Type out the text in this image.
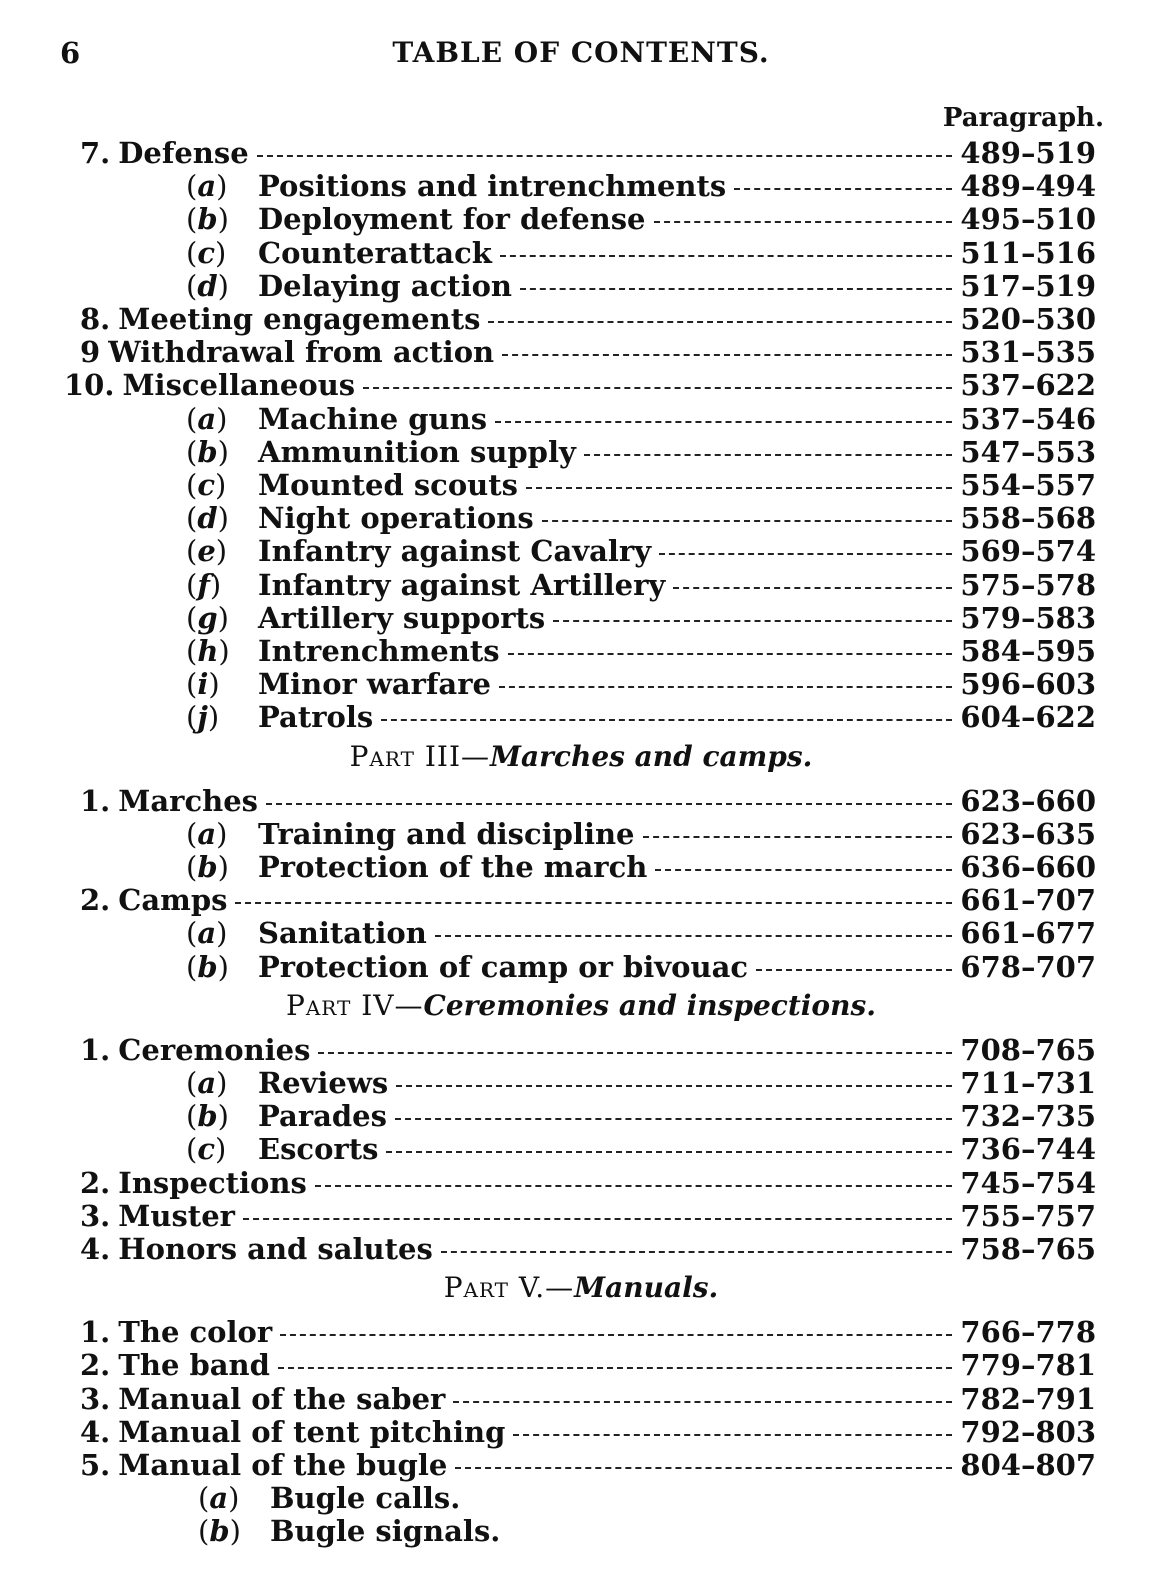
6	TABLE OF CONTENTS.
Paragraph.
7. Defense	489–519
(a)	Positions and intrenchments	489–494
(b)	Deployment for defense	495–510
(c)	Counterattack	511–516
(d)	Delaying action	517–519
8. Meeting engagements	520–530
9 Withdrawal from action	531–535
10. Miscellaneous	537–622
(a)	Machine guns	537–546
(b)	Ammunition supply	547–553
(c)	Mounted scouts	554–557
(d)	Night operations	558–568
(e)	Infantry against Cavalry	569–574
(f)	Infantry against Artillery	575–578
(g)	Artillery supports	579–583
(h) Intrenchments	584–595
(i)	Minor warfare	596–603
(j)	Patrols	604–622
Part III—Marches and camps.
1. Marches	623–660
(a)	Training and discipline	623–635
(b)	Protection of the march	636–660
2. Camps	661–707
(a)	Sanitation	661–677
(b)	Protection of camp or bivouac	678–707
Part IV—Ceremonies and inspections.
1. Ceremonies	708–765
(a)	Reviews	711–731
(b)	Parades	732–735
(c)	Escorts	736–744
2. Inspections	745–754
3. Muster	755–757
4. Honors and salutes	758–765
Part V.—Manuals.
1. The color	766–778
2. The band	779–781
3. Manual of the saber	782–791
4. Manual of tent pitching	792–803
5. Manual of the bugle	804–807
(a)	Bugle calls.
(b)	Bugle signals.
